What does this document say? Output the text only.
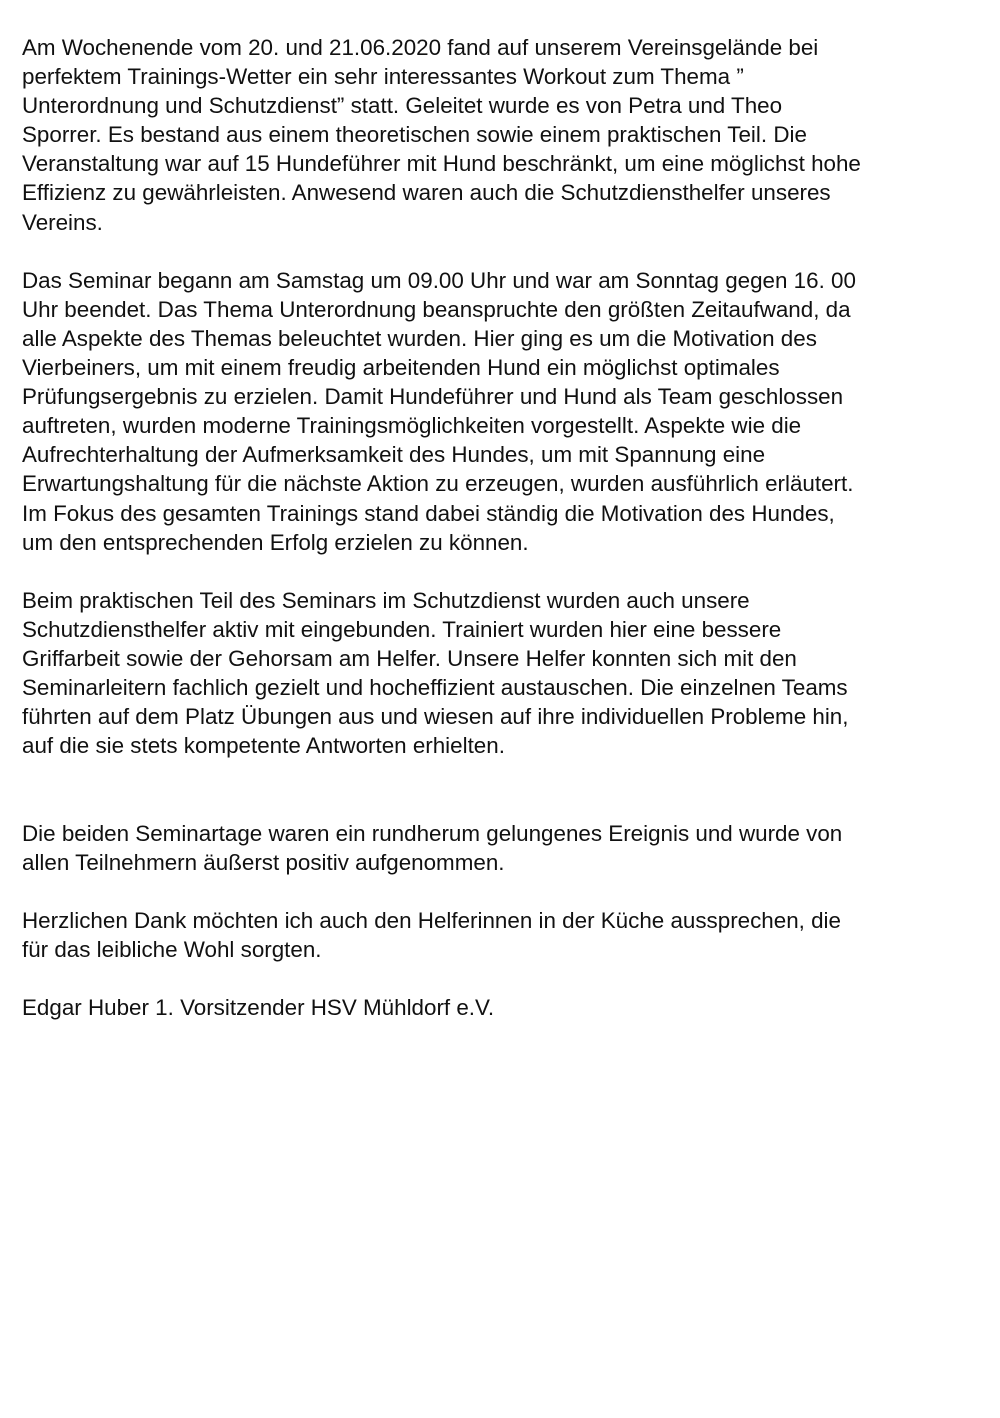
Am Wochenende vom 20. und 21.06.2020 fand auf unserem Vereinsgelände bei
perfektem Trainings-Wetter ein sehr interessantes Workout zum Thema ”
Unterordnung und Schutzdienst” statt. Geleitet wurde es von Petra und Theo
Sporrer. Es bestand aus einem theoretischen sowie einem praktischen Teil. Die
Veranstaltung war auf 15 Hundeführer mit Hund beschränkt, um eine möglichst hohe
Effizienz zu gewährleisten. Anwesend waren auch die Schutzdiensthelfer unseres
Vereins.
Das Seminar begann am Samstag um 09.00 Uhr und war am Sonntag gegen 16. 00
Uhr beendet. Das Thema Unterordnung beanspruchte den größten Zeitaufwand, da
alle Aspekte des Themas beleuchtet wurden. Hier ging es um die Motivation des
Vierbeiners, um mit einem freudig arbeitenden Hund ein möglichst optimales
Prüfungsergebnis zu erzielen. Damit Hundeführer und Hund als Team geschlossen
auftreten, wurden moderne Trainingsmöglichkeiten vorgestellt. Aspekte wie die
Aufrechterhaltung der Aufmerksamkeit des Hundes, um mit Spannung eine
Erwartungshaltung für die nächste Aktion zu erzeugen, wurden ausführlich erläutert.
Im Fokus des gesamten Trainings stand dabei ständig die Motivation des Hundes,
um den entsprechenden Erfolg erzielen zu können.
Beim praktischen Teil des Seminars im Schutzdienst wurden auch unsere
Schutzdiensthelfer aktiv mit eingebunden. Trainiert wurden hier eine bessere
Griffarbeit sowie der Gehorsam am Helfer. Unsere Helfer konnten sich mit den
Seminarleitern fachlich gezielt und hocheffizient austauschen. Die einzelnen Teams
führten auf dem Platz Übungen aus und wiesen auf ihre individuellen Probleme hin,
auf die sie stets kompetente Antworten erhielten.
Die beiden Seminartage waren ein rundherum gelungenes Ereignis und wurde von
allen Teilnehmern äußerst positiv aufgenommen.
Herzlichen Dank möchten ich auch den Helferinnen in der Küche aussprechen, die
für das leibliche Wohl sorgten.
Edgar Huber 1. Vorsitzender HSV Mühldorf e.V.
